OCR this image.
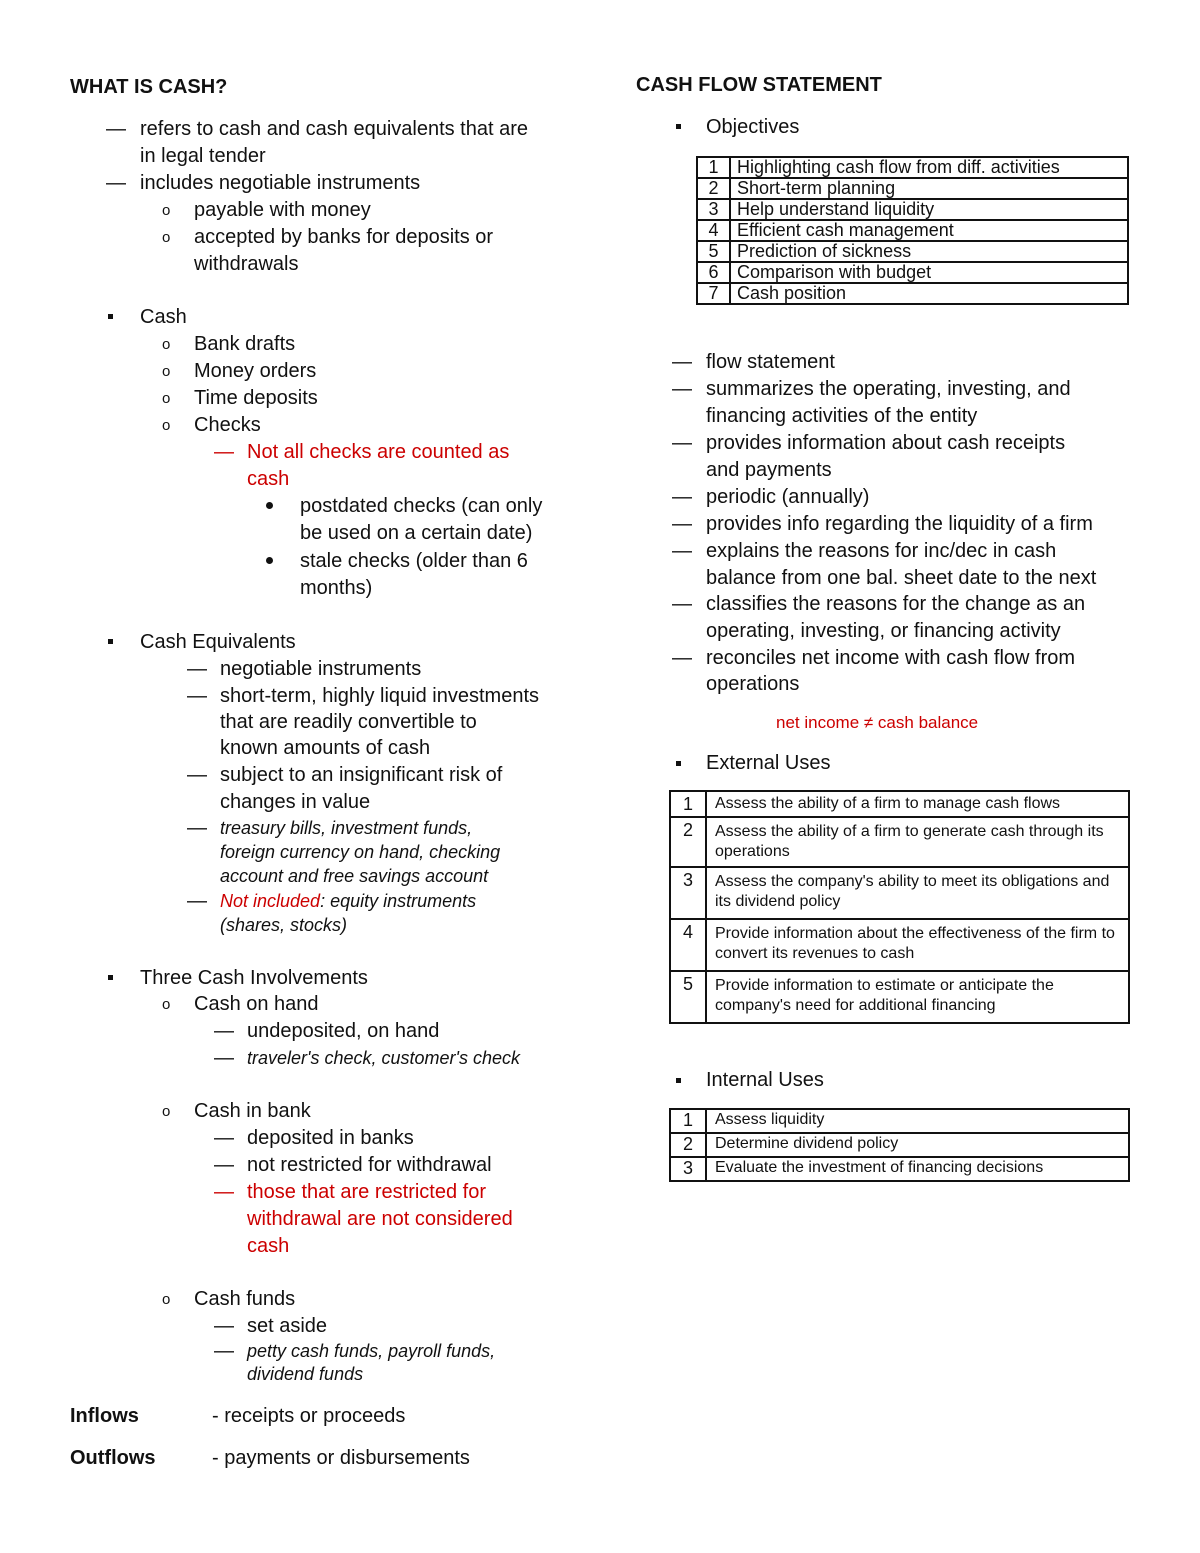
WHAT IS CASH?
— refers to cash and cash equivalents that are
in legal tender
— includes negotiable instruments
o payable with money
o accepted by banks for deposits or
withdrawals
Cash
o Bank drafts
o Money orders
o Time deposits
o Checks
— Not all checks are counted as
cash
postdated checks (can only
be used on a certain date)
stale checks (older than 6
months)
Cash Equivalents
— negotiable instruments
— short-term, highly liquid investments
that are readily convertible to
known amounts of cash
— subject to an insignificant risk of
changes in value
— treasury bills, investment funds,
foreign currency on hand, checking
account and free savings account
— Not included: equity instruments
(shares, stocks)
Three Cash Involvements
o Cash on hand
— undeposited, on hand
— traveler's check, customer's check
o Cash in bank
— deposited in banks
— not restricted for withdrawal
— those that are restricted for
withdrawal are not considered
cash
o Cash funds
— set aside
— petty cash funds, payroll funds,
dividend funds
Inflows	- receipts or proceeds
Outflows	- payments or disbursements
CASH FLOW STATEMENT
Objectives
1	Highlighting cash flow from diff. activities
2	Short-term planning
3	Help understand liquidity
4	Efficient cash management
5	Prediction of sickness
6	Comparison with budget
7	Cash position
— flow statement
— summarizes the operating, investing, and
financing activities of the entity
— provides information about cash receipts
and payments
— periodic (annually)
— provides info regarding the liquidity of a firm
— explains the reasons for inc/dec in cash
balance from one bal. sheet date to the next
— classifies the reasons for the change as an
operating, investing, or financing activity
— reconciles net income with cash flow from
operations
net income ≠ cash balance
External Uses
1	Assess the ability of a firm to manage cash flows
2	Assess the ability of a firm to generate cash through its operations
3	Assess the company's ability to meet its obligations and its dividend policy
4	Provide information about the effectiveness of the firm to convert its revenues to cash
5	Provide information to estimate or anticipate the company's need for additional financing
Internal Uses
1	Assess liquidity
2	Determine dividend policy
3	Evaluate the investment of financing decisions
